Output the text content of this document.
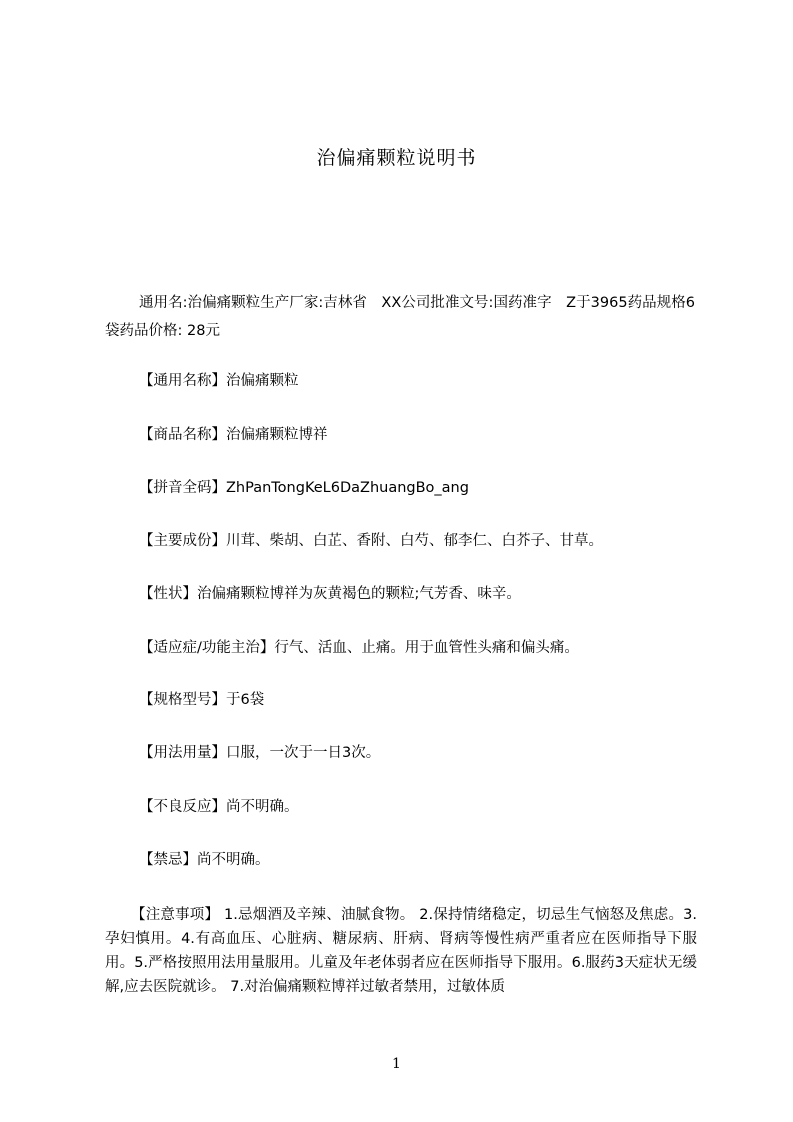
治偏痛颗粒说明书
通用名:治偏痛颗粒生产厂家:吉林省　XX公司批准文号:国药准字　Z于3965药品规格6袋药品价格: 28元
【通用名称】治偏痛颗粒
【商品名称】治偏痛颗粒博祥
【拼音全码】ZhPanTongKeL6DaZhuangBo_ang
【主要成份】川茸、柴胡、白芷、香附、白芍、郁李仁、白芥子、甘草。
【性状】治偏痛颗粒博祥为灰黄褐色的颗粒;气芳香、味辛。
【适应症/功能主治】行气、活血、止痛。用于血管性头痛和偏头痛。
【规格型号】于6袋
【用法用量】口服，一次于一日3次。
【不良反应】尚不明确。
【禁忌】尚不明确。
【注意事项】 1.忌烟酒及辛辣、油腻食物。 2.保持情绪稳定，切忌生气恼怒及焦虑。3.孕妇慎用。4.有高血压、心脏病、糖尿病、肝病、肾病等慢性病严重者应在医师指导下服用。5.严格按照用法用量服用。儿童及年老体弱者应在医师指导下服用。6.服药3天症状无缓解,应去医院就诊。 7.对治偏痛颗粒博祥过敏者禁用，过敏体质
1
